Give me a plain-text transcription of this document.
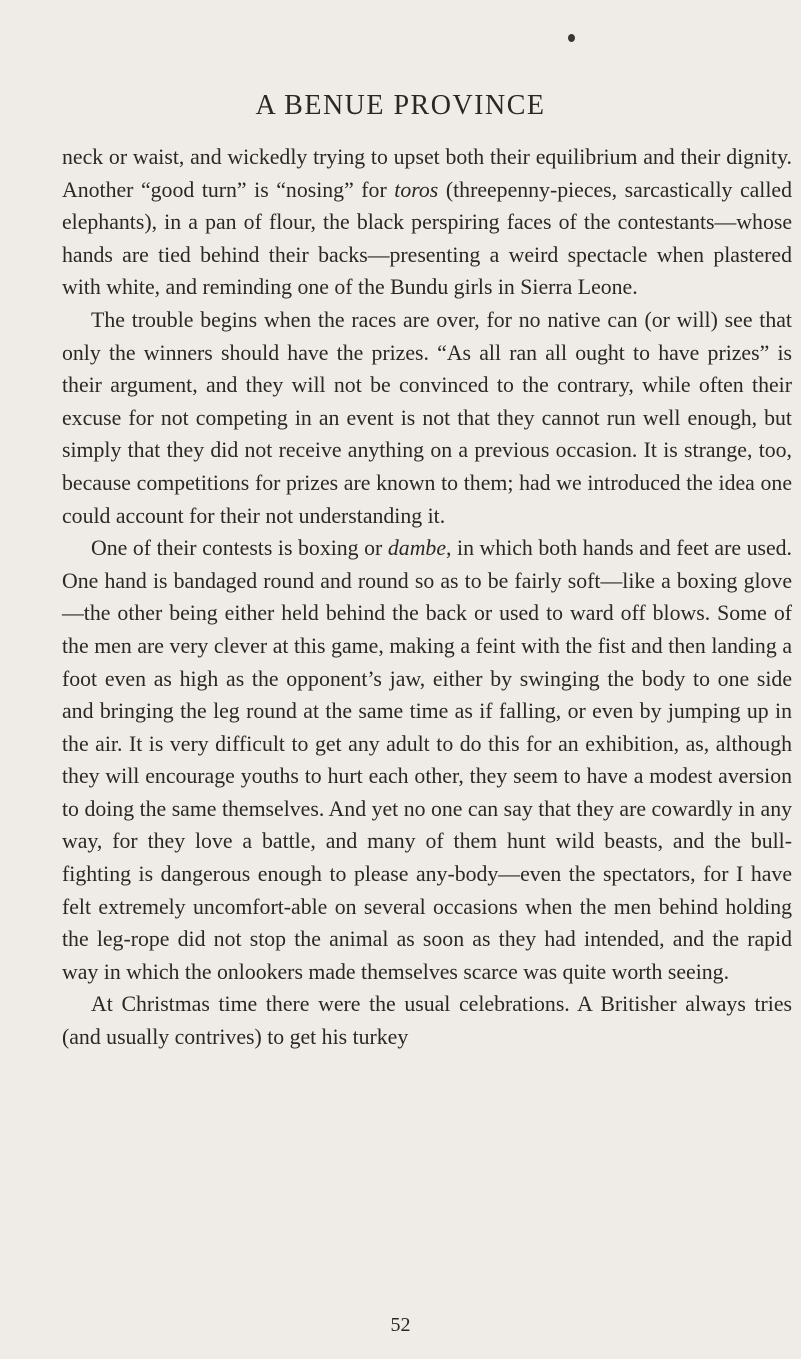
A BENUE PROVINCE

neck or waist, and wickedly trying to upset both their equilibrium and their dignity. Another “good turn” is “nosing” for toros (threepenny-pieces, sarcastically called elephants), in a pan of flour, the black perspiring faces of the contestants—whose hands are tied behind their backs—presenting a weird spectacle when plastered with white, and reminding one of the Bundu girls in Sierra Leone.

The trouble begins when the races are over, for no native can (or will) see that only the winners should have the prizes. “As all ran all ought to have prizes” is their argument, and they will not be convinced to the contrary, while often their excuse for not competing in an event is not that they cannot run well enough, but simply that they did not receive anything on a previous occasion. It is strange, too, because competitions for prizes are known to them; had we introduced the idea one could account for their not understanding it.

One of their contests is boxing or dambe, in which both hands and feet are used. One hand is bandaged round and round so as to be fairly soft—like a boxing glove—the other being either held behind the back or used to ward off blows. Some of the men are very clever at this game, making a feint with the fist and then landing a foot even as high as the opponent’s jaw, either by swinging the body to one side and bringing the leg round at the same time as if falling, or even by jumping up in the air. It is very difficult to get any adult to do this for an exhibition, as, although they will encourage youths to hurt each other, they seem to have a modest aversion to doing the same themselves. And yet no one can say that they are cowardly in any way, for they love a battle, and many of them hunt wild beasts, and the bull-fighting is dangerous enough to please any-body—even the spectators, for I have felt extremely uncomfort-able on several occasions when the men behind holding the leg-rope did not stop the animal as soon as they had intended, and the rapid way in which the onlookers made themselves scarce was quite worth seeing.

At Christmas time there were the usual celebrations. A Britisher always tries (and usually contrives) to get his turkey

52
